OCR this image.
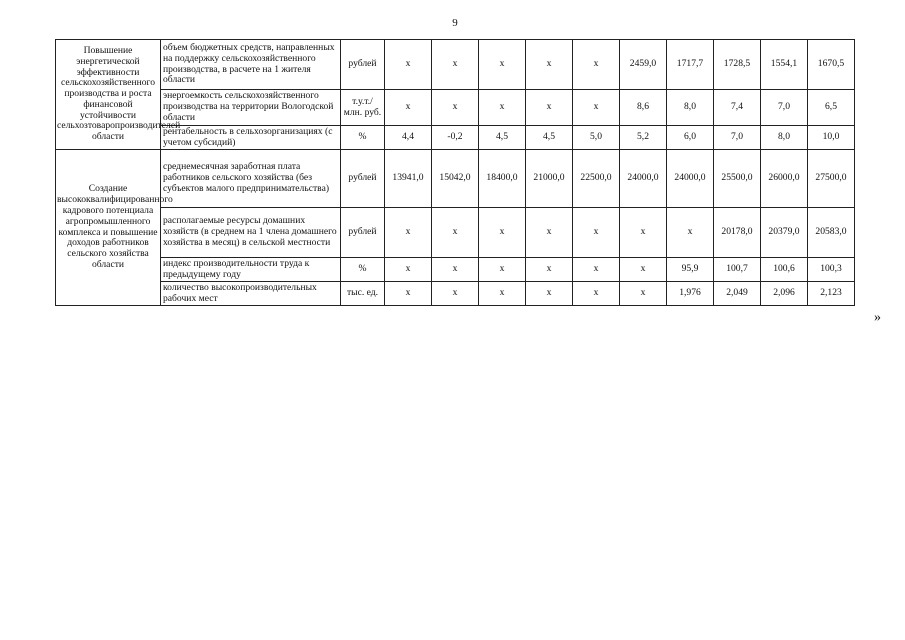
9
Повышение энергетической эффективности сельскохозяйственного производства и роста финансовой устойчивости сельхозтоваропроизводителей области	объем бюджетных средств, направленных на поддержку сельскохозяйственного производства, в расчете на 1 жителя области	рублей	x	x	x	x	x	2459,0	1717,7	1728,5	1554,1	1670,5
	энергоемкость сельскохозяйственного производства на территории Вологодской области	т.у.т./млн. руб.	x	x	x	x	x	8,6	8,0	7,4	7,0	6,5
	рентабельность в сельхозорганизациях (с учетом субсидий)	%	4,4	-0,2	4,5	4,5	5,0	5,2	6,0	7,0	8,0	10,0
Создание высококвалифицированного кадрового потенциала агропромышленного комплекса и повышение доходов работников сельского хозяйства области	среднемесячная заработная плата работников сельского хозяйства (без субъектов малого предпринимательства)	рублей	13941,0	15042,0	18400,0	21000,0	22500,0	24000,0	24000,0	25500,0	26000,0	27500,0
	располагаемые ресурсы домашних хозяйств (в среднем на 1 члена домашнего хозяйства в месяц) в сельской местности	рублей	x	x	x	x	x	x	x	20178,0	20379,0	20583,0
	индекс производительности труда к предыдущему году	%	x	x	x	x	x	x	95,9	100,7	100,6	100,3
	количество высокопроизводительных рабочих мест	тыс. ед.	x	x	x	x	x	x	1,976	2,049	2,096	2,123
»
